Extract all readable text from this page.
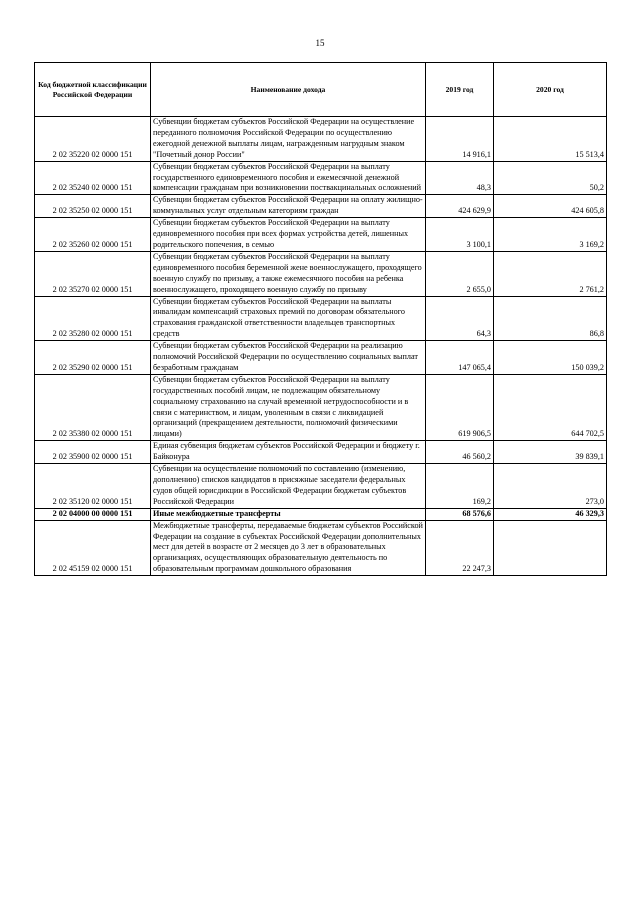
15
Код бюджетной классификации Российской Федерации	Наименование дохода	2019 год	2020 год
2 02 35220 02 0000 151	Субвенции бюджетам субъектов Российской Федерации на осуществление переданного полномочия Российской Федерации по осуществлению ежегодной денежной выплаты лицам, награжденным нагрудным знаком "Почетный донор России"	14 916,1	15 513,4
2 02 35240 02 0000 151	Субвенции бюджетам субъектов Российской Федерации на выплату государственного единовременного пособия и ежемесячной денежной компенсации гражданам при возникновении поствакцинальных осложнений	48,3	50,2
2 02 35250 02 0000 151	Субвенции бюджетам субъектов Российской Федерации на оплату жилищно-коммунальных услуг отдельным категориям граждан	424 629,9	424 605,8
2 02 35260 02 0000 151	Субвенции бюджетам субъектов Российской Федерации на выплату единовременного пособия при всех формах устройства детей, лишенных родительского попечения, в семью	3 100,1	3 169,2
2 02 35270 02 0000 151	Субвенции бюджетам субъектов Российской Федерации на выплату единовременного пособия беременной жене военнослужащего, проходящего военную службу по призыву, а также ежемесячного пособия на ребенка военнослужащего, проходящего военную службу по призыву	2 655,0	2 761,2
2 02 35280 02 0000 151	Субвенции бюджетам субъектов Российской Федерации на выплаты инвалидам компенсаций страховых премий по договорам обязательного страхования гражданской ответственности владельцев транспортных средств	64,3	86,8
2 02 35290 02 0000 151	Субвенции бюджетам субъектов Российской Федерации на реализацию полномочий Российской Федерации по осуществлению социальных выплат безработным гражданам	147 065,4	150 039,2
2 02 35380 02 0000 151	Субвенции бюджетам субъектов Российской Федерации на выплату государственных пособий лицам, не подлежащим обязательному социальному страхованию на случай временной нетрудоспособности и в связи с материнством, и лицам, уволенным в связи с ликвидацией организаций (прекращением деятельности, полномочий физическими лицами)	619 906,5	644 702,5
2 02 35900 02 0000 151	Единая субвенция бюджетам субъектов Российской Федерации и бюджету г. Байконура	46 560,2	39 839,1
2 02 35120 02 0000 151	Субвенции на осуществление полномочий по составлению (изменению, дополнению) списков кандидатов в присяжные заседатели федеральных судов общей юрисдикции в Российской Федерации бюджетам субъектов Российской Федерации	169,2	273,0
2 02 04000 00 0000 151	Иные межбюджетные трансферты	68 576,6	46 329,3
2 02 45159 02 0000 151	Межбюджетные трансферты, передаваемые бюджетам субъектов Российской Федерации на создание в субъектах Российской Федерации дополнительных мест для детей в возрасте от 2 месяцев до 3 лет в образовательных организациях, осуществляющих образовательную деятельность по образовательным программам дошкольного образования	22 247,3	
